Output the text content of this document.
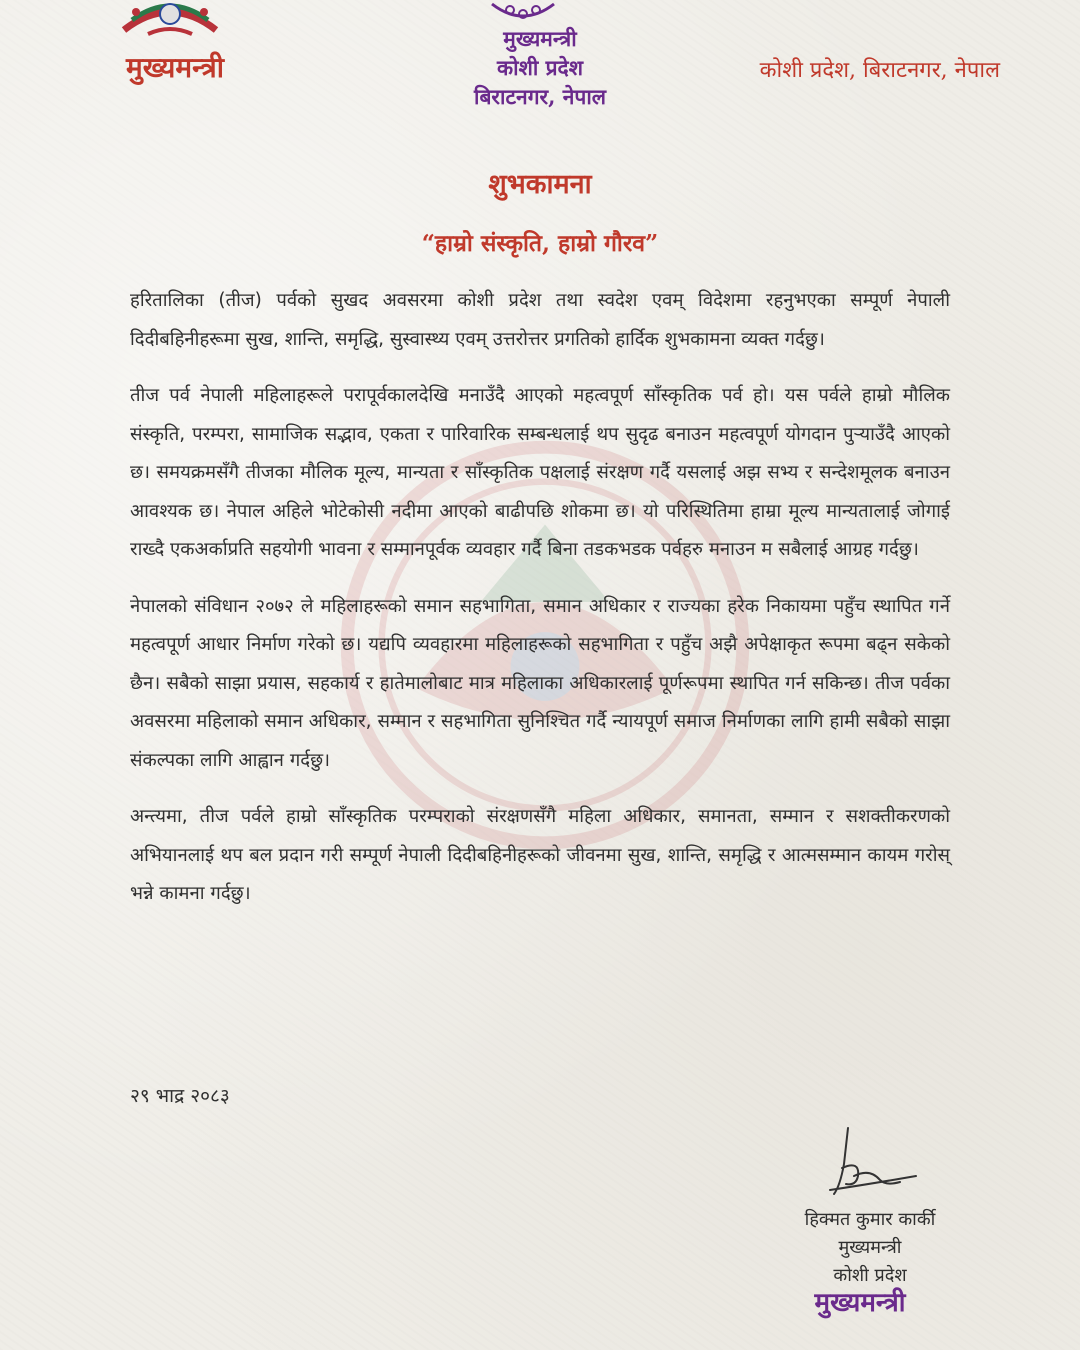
मुख्यमन्त्री
मुख्यमन्त्री
कोशी प्रदेश
बिराटनगर, नेपाल
कोशी प्रदेश, बिराटनगर, नेपाल
शुभकामना
“हाम्रो संस्कृति, हाम्रो गौरव”

हरितालिका (तीज) पर्वको सुखद अवसरमा कोशी प्रदेश तथा स्वदेश एवम् विदेशमा रहनुभएका सम्पूर्ण नेपाली दिदीबहिनीहरूमा सुख, शान्ति, समृद्धि, सुस्वास्थ्य एवम् उत्तरोत्तर प्रगतिको हार्दिक शुभकामना व्यक्त गर्दछु।

तीज पर्व नेपाली महिलाहरूले परापूर्वकालदेखि मनाउँदै आएको महत्वपूर्ण साँस्कृतिक पर्व हो। यस पर्वले हाम्रो मौलिक संस्कृति, परम्परा, सामाजिक सद्भाव, एकता र पारिवारिक सम्बन्धलाई थप सुदृढ बनाउन महत्वपूर्ण योगदान पुऱ्याउँदै आएको छ। समयक्रमसँगै तीजका मौलिक मूल्य, मान्यता र साँस्कृतिक पक्षलाई संरक्षण गर्दै यसलाई अझ सभ्य र सन्देशमूलक बनाउन आवश्यक छ। नेपाल अहिले भोटेकोसी नदीमा आएको बाढीपछि शोकमा छ। यो परिस्थितिमा हाम्रा मूल्य मान्यतालाई जोगाई राख्दै एकअर्काप्रति सहयोगी भावना र सम्मानपूर्वक व्यवहार गर्दै बिना तडकभडक पर्वहरु मनाउन म सबैलाई आग्रह गर्दछु।

नेपालको संविधान २०७२ ले महिलाहरूको समान सहभागिता, समान अधिकार र राज्यका हरेक निकायमा पहुँच स्थापित गर्ने महत्वपूर्ण आधार निर्माण गरेको छ। यद्यपि व्यवहारमा महिलाहरूको सहभागिता र पहुँच अझै अपेक्षाकृत रूपमा बढ्न सकेको छैन। सबैको साझा प्रयास, सहकार्य र हातेमालोबाट मात्र महिलाका अधिकारलाई पूर्णरूपमा स्थापित गर्न सकिन्छ। तीज पर्वका अवसरमा महिलाको समान अधिकार, सम्मान र सहभागिता सुनिश्चित गर्दै न्यायपूर्ण समाज निर्माणका लागि हामी सबैको साझा संकल्पका लागि आह्वान गर्दछु।

अन्त्यमा, तीज पर्वले हाम्रो साँस्कृतिक परम्पराको संरक्षणसँगै महिला अधिकार, समानता, सम्मान र सशक्तीकरणको अभियानलाई थप बल प्रदान गरी सम्पूर्ण नेपाली दिदीबहिनीहरूको जीवनमा सुख, शान्ति, समृद्धि र आत्मसम्मान कायम गरोस् भन्ने कामना गर्दछु।

२९ भाद्र २०८३
हिक्मत कुमार कार्की
मुख्यमन्त्री
कोशी प्रदेश
मुख्यमन्त्री
